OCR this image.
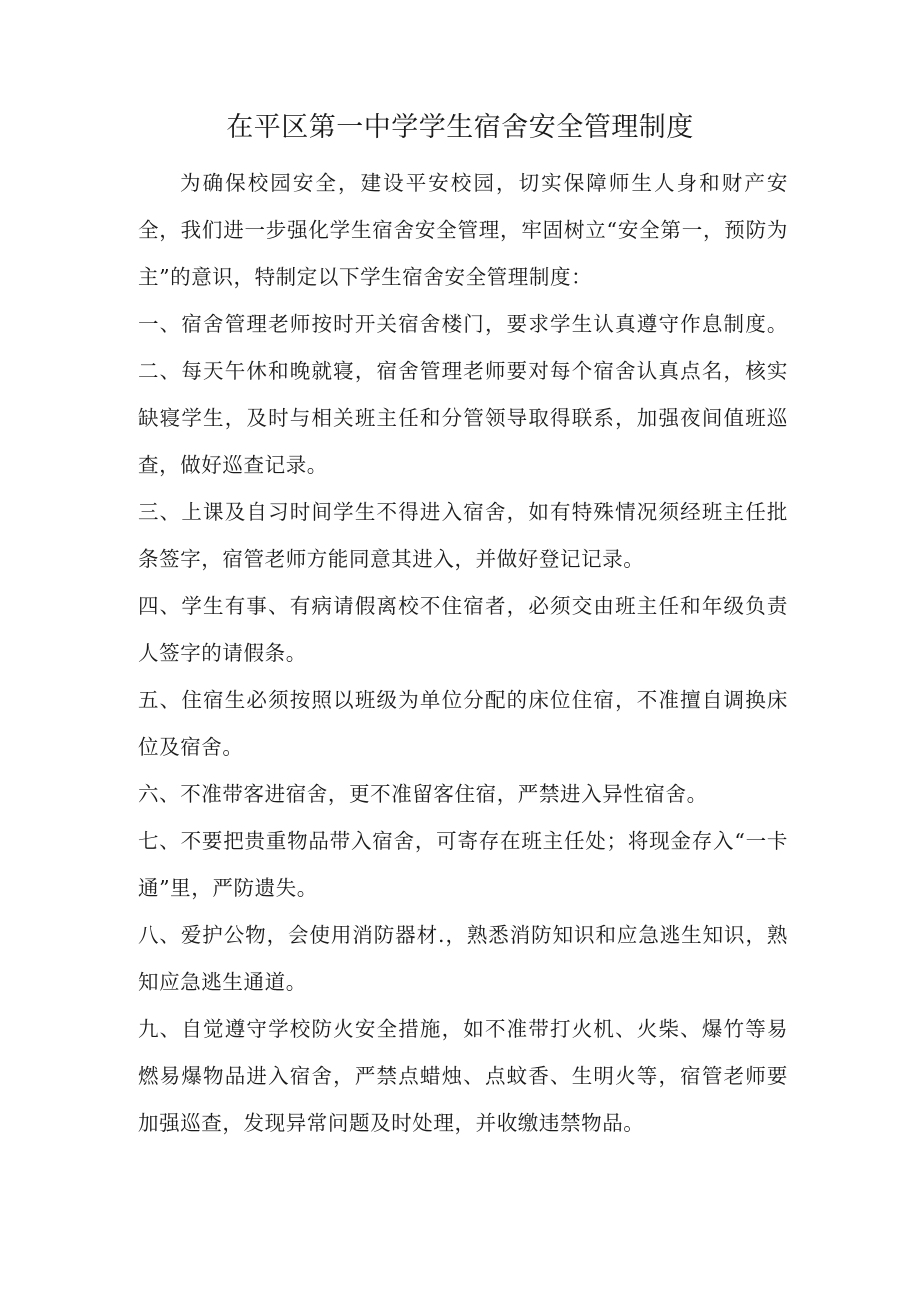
在平区第一中学学生宿舍安全管理制度

为确保校园安全，建设平安校园，切实保障师生人身和财产安全，我们进一步强化学生宿舍安全管理，牢固树立“安全第一，预防为主”的意识，特制定以下学生宿舍安全管理制度：

一、宿舍管理老师按时开关宿舍楼门，要求学生认真遵守作息制度。二、每天午休和晚就寝，宿舍管理老师要对每个宿舍认真点名，核实缺寝学生，及时与相关班主任和分管领导取得联系，加强夜间值班巡查，做好巡查记录。

三、上课及自习时间学生不得进入宿舍，如有特殊情况须经班主任批条签字，宿管老师方能同意其进入，并做好登记记录。

四、学生有事、有病请假离校不住宿者，必须交由班主任和年级负责人签字的请假条。

五、住宿生必须按照以班级为单位分配的床位住宿，不准擅自调换床位及宿舍。

六、不准带客进宿舍，更不准留客住宿，严禁进入异性宿舍。

七、不要把贵重物品带入宿舍，可寄存在班主任处；将现金存入“一卡通”里，严防遗失。

八、爱护公物，会使用消防器材.，熟悉消防知识和应急逃生知识，熟知应急逃生通道。

九、自觉遵守学校防火安全措施，如不准带打火机、火柴、爆竹等易燃易爆物品进入宿舍，严禁点蜡烛、点蚊香、生明火等，宿管老师要加强巡查，发现异常问题及时处理，并收缴违禁物品。
